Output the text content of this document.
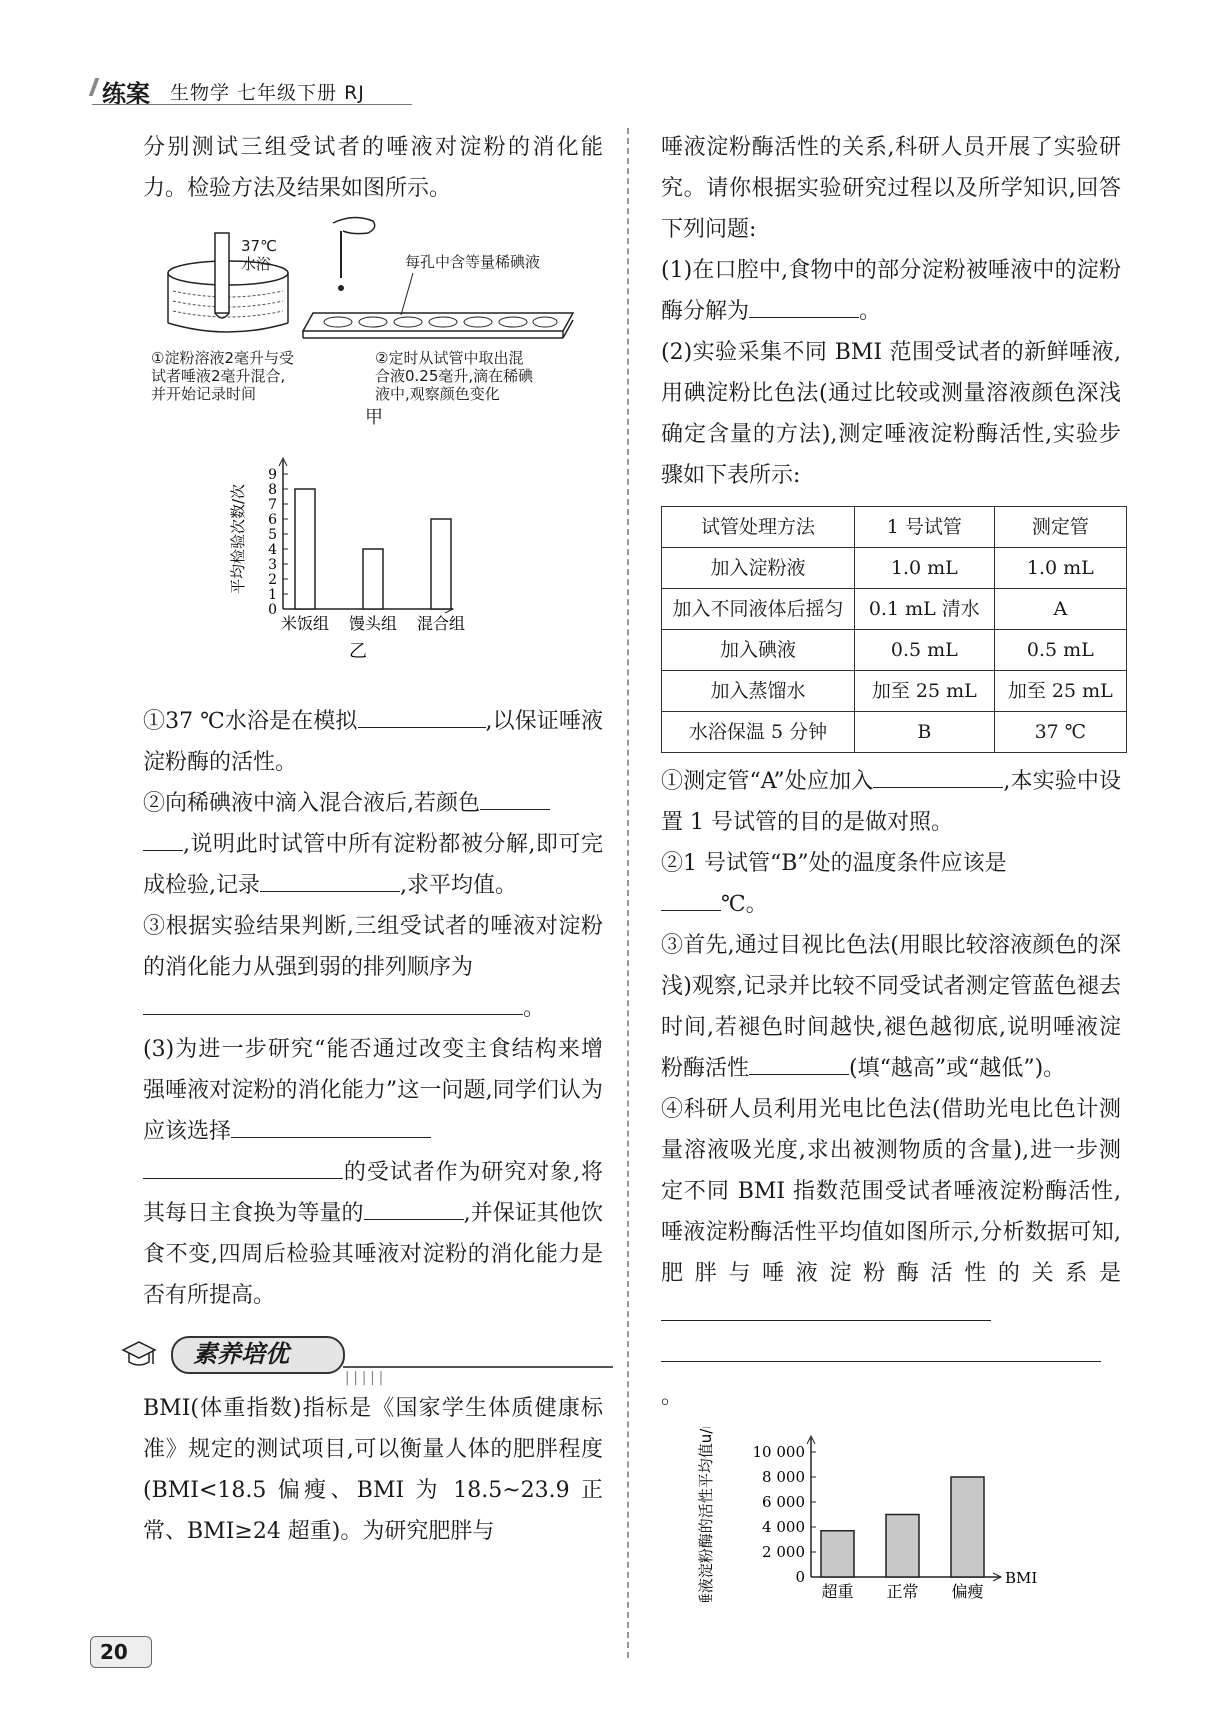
练案 生物学 七年级下册 RJ

分别测试三组受试者的唾液对淀粉的消化能力。检验方法及结果如图所示。

37℃
水浴	每孔中含等量稀碘液
①淀粉溶液2毫升与受
试者唾液2毫升混合,
并开始记录时间
②定时从试管中取出混
合液0.25毫升,滴在稀碘
液中,观察颜色变化
甲
0
1
2
3
4
5
6
7
8
9
米饭组 馒头组 混合组
平均检验次数/次
乙

①37 ℃水浴是在模拟	,以保证唾液淀粉酶的活性。

②向稀碘液中滴入混合液后,若颜色
,说明此时试管中所有淀粉都被分解,即可完成检验,记录	,求平均值。

③根据实验结果判断,三组受试者的唾液对淀粉的消化能力从强到弱的排列顺序为
。

(3)为进一步研究“能否通过改变主食结构来增强唾液对淀粉的消化能力”这一问题,同学们认为应该选择
的受试者作为研究对象,将其每日主食换为等量的	,并保证其他饮食不变,四周后检验其唾液对淀粉的消化能力是否有所提高。

素养培优
|||||

BMI(体重指数)指标是《国家学生体质健康标准》规定的测试项目,可以衡量人体的肥胖程度(BMI<18.5 偏瘦、BMI 为 18.5~23.9 正常、BMI≥24 超重)。为研究肥胖与

唾液淀粉酶活性的关系,科研人员开展了实验研究。请你根据实验研究过程以及所学知识,回答下列问题:

(1)在口腔中,食物中的部分淀粉被唾液中的淀粉酶分解为	。

(2)实验采集不同 BMI 范围受试者的新鲜唾液,用碘淀粉比色法(通过比较或测量溶液颜色深浅确定含量的方法),测定唾液淀粉酶活性,实验步骤如下表所示:

试管处理方法	1 号试管	测定管
加入淀粉液	1.0 mL	1.0 mL
加入不同液体后摇匀	0.1 mL 清水	A
加入碘液	0.5 mL	0.5 mL
加入蒸馏水	加至 25 mL	加至 25 mL
水浴保温 5 分钟	B	37 ℃

①测定管“A”处应加入	,本实验中设置 1 号试管的目的是做对照。

②1 号试管“B”处的温度条件应该是
℃。

③首先,通过目视比色法(用眼比较溶液颜色的深浅)观察,记录并比较不同受试者测定管蓝色褪去时间,若褪色时间越快,褪色越彻底,说明唾液淀粉酶活性	(填“越高”或“越低”)。

④科研人员利用光电比色法(借助光电比色计测量溶液吸光度,求出被测物质的含量),进一步测定不同 BMI 指数范围受试者唾液淀粉酶活性,唾液淀粉酶活性平均值如图所示,分析数据可知,肥胖与唾液淀粉酶活性的关系是
。

0
2 000
4 000
6 000
8 000
10 000
超重 正常 偏瘦
唾液淀粉酶的活性平均值u/mL	BMI
20
